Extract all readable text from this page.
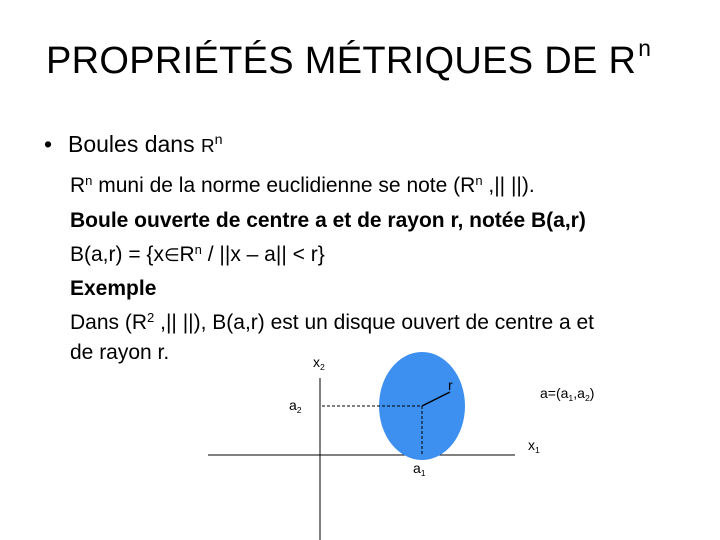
PROPRIÉTÉS MÉTRIQUES DE $R^n$
• Boules dans $R^n$
$R^n$ muni de la norme euclidienne se note ($R^n$ ,|| ||).
Boule ouverte de centre a et de rayon r, notée B(a,r)
$B(a,r) = \{x\in R^n / ||x - a|| < r\}$
Exemple
Dans ($R^2$ ,|| ||), B(a,r) est un disque ouvert de centre a et
de rayon r.	$x_2$
$x_1$
$a_2$
$a_1$
r	$a=(a_1,a_2)$
